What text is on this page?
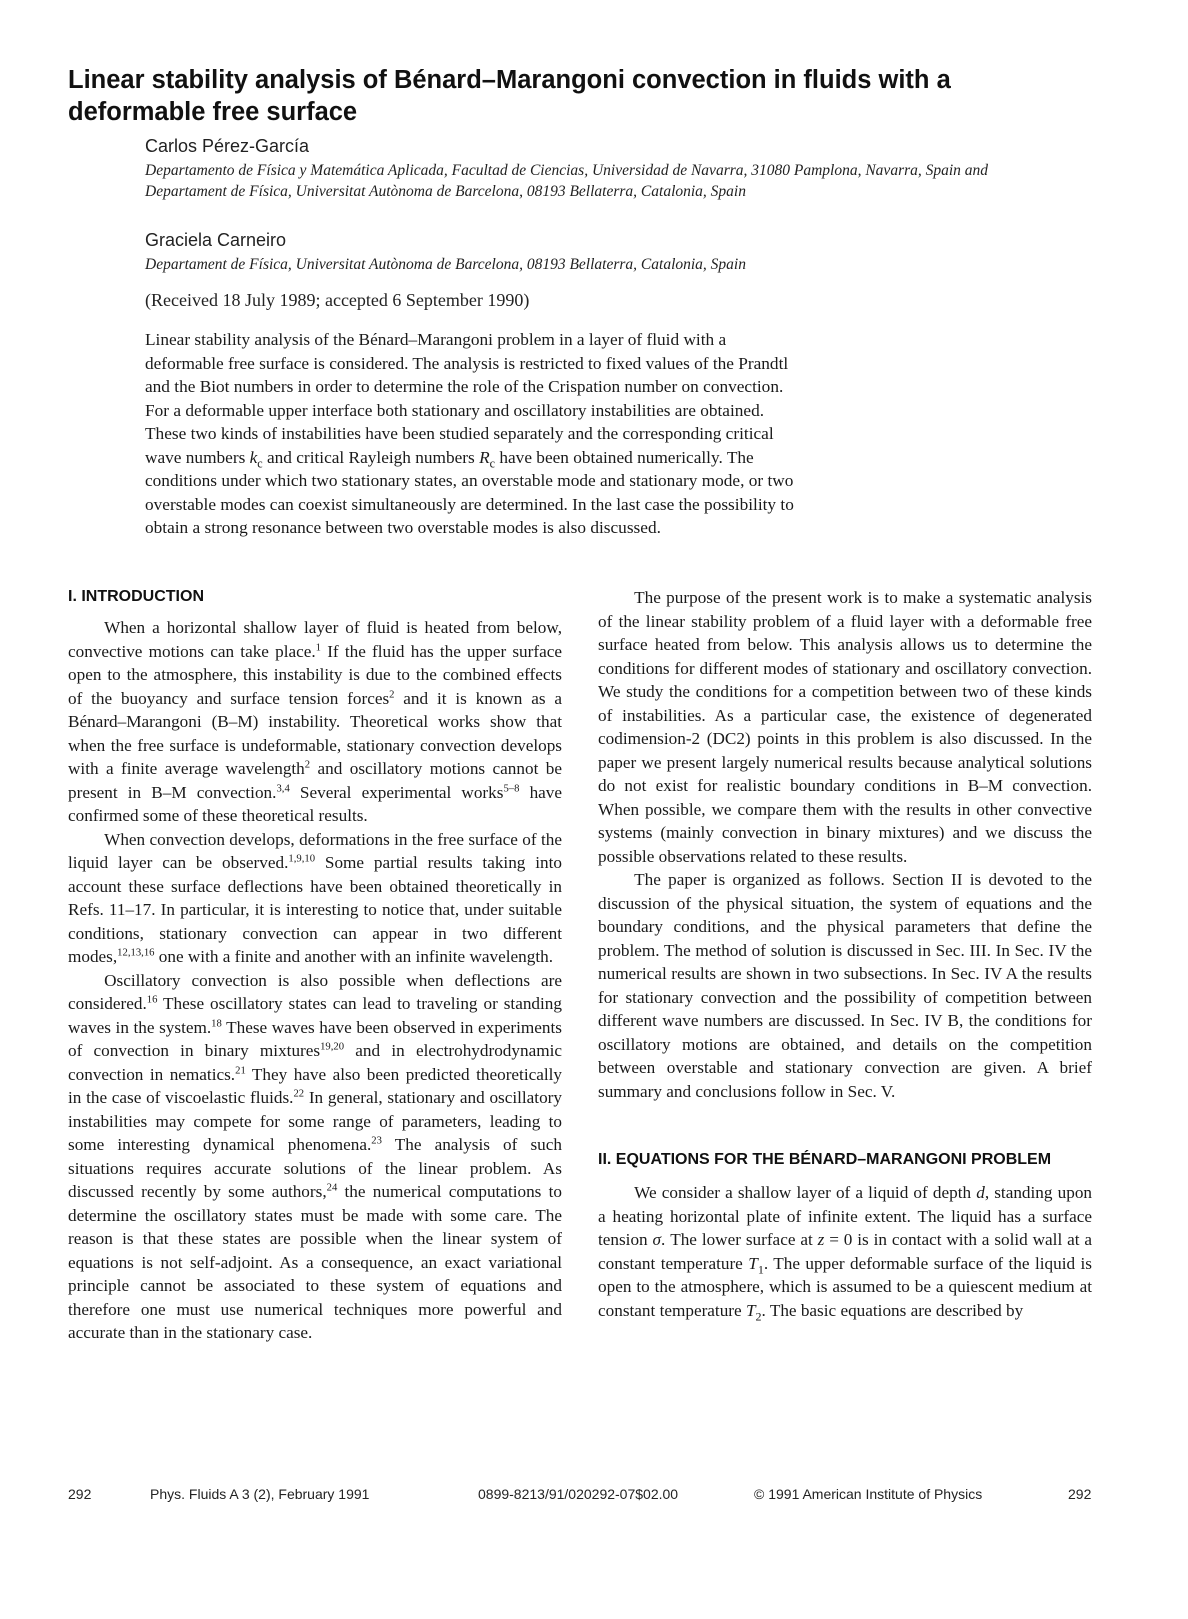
Linear stability analysis of Bénard–Marangoni convection in fluids with a deformable free surface
Carlos Pérez-García
Departamento de Física y Matemática Aplicada, Facultad de Ciencias, Universidad de Navarra, 31080 Pamplona, Navarra, Spain and Departament de Física, Universitat Autònoma de Barcelona, 08193 Bellaterra, Catalonia, Spain
Graciela Carneiro
Departament de Física, Universitat Autònoma de Barcelona, 08193 Bellaterra, Catalonia, Spain
(Received 18 July 1989; accepted 6 September 1990)
Linear stability analysis of the Bénard–Marangoni problem in a layer of fluid with a
deformable free surface is considered. The analysis is restricted to fixed values of the Prandtl
and the Biot numbers in order to determine the role of the Crispation number on convection.
For a deformable upper interface both stationary and oscillatory instabilities are obtained.
These two kinds of instabilities have been studied separately and the corresponding critical
wave numbers $k_c$ and critical Rayleigh numbers $R_c$ have been obtained numerically. The
conditions under which two stationary states, an overstable mode and stationary mode, or two
overstable modes can coexist simultaneously are determined. In the last case the possibility to
obtain a strong resonance between two overstable modes is also discussed.
I. INTRODUCTION

When a horizontal shallow layer of fluid is heated from below, convective motions can take place.$^1$ If the fluid has the upper surface open to the atmosphere, this instability is due to the combined effects of the buoyancy and surface tension forces$^2$ and it is known as a Bénard–Marangoni (B–M) instability. Theoretical works show that when the free surface is undeformable, stationary convection develops with a finite average wavelength$^2$ and oscillatory motions cannot be present in B–M convection.$^{3,4}$ Several experimental works$^{5-8}$ have confirmed some of these theoretical results.

When convection develops, deformations in the free surface of the liquid layer can be observed.$^{1,9,10}$ Some partial results taking into account these surface deflections have been obtained theoretically in Refs. 11–17. In particular, it is interesting to notice that, under suitable conditions, stationary convection can appear in two different modes,$^{12,13,16}$ one with a finite and another with an infinite wavelength.

Oscillatory convection is also possible when deflections are considered.$^{16}$ These oscillatory states can lead to traveling or standing waves in the system.$^{18}$ These waves have been observed in experiments of convection in binary mixtures$^{19,20}$ and in electrohydrodynamic convection in nematics.$^{21}$ They have also been predicted theoretically in the case of viscoelastic fluids.$^{22}$ In general, stationary and oscillatory instabilities may compete for some range of parameters, leading to some interesting dynamical phenomena.$^{23}$ The analysis of such situations requires accurate solutions of the linear problem. As discussed recently by some authors,$^{24}$ the numerical computations to determine the oscillatory states must be made with some care. The reason is that these states are possible when the linear system of equations is not self-adjoint. As a consequence, an exact variational principle cannot be associated to these system of equations and therefore one must use numerical techniques more powerful and accurate than in the stationary case.

The purpose of the present work is to make a systematic analysis of the linear stability problem of a fluid layer with a deformable free surface heated from below. This analysis allows us to determine the conditions for different modes of stationary and oscillatory convection. We study the conditions for a competition between two of these kinds of instabilities. As a particular case, the existence of degenerated codimension-2 (DC2) points in this problem is also discussed. In the paper we present largely numerical results because analytical solutions do not exist for realistic boundary conditions in B–M convection. When possible, we compare them with the results in other convective systems (mainly convection in binary mixtures) and we discuss the possible observations related to these results.

The paper is organized as follows. Section II is devoted to the discussion of the physical situation, the system of equations and the boundary conditions, and the physical parameters that define the problem. The method of solution is discussed in Sec. III. In Sec. IV the numerical results are shown in two subsections. In Sec. IV A the results for stationary convection and the possibility of competition between different wave numbers are discussed. In Sec. IV B, the conditions for oscillatory motions are obtained, and details on the competition between overstable and stationary convection are given. A brief summary and conclusions follow in Sec. V.

II. EQUATIONS FOR THE BÉNARD–MARANGONI PROBLEM

We consider a shallow layer of a liquid of depth d, standing upon a heating horizontal plate of infinite extent. The liquid has a surface tension σ. The lower surface at z = 0 is in contact with a solid wall at a constant temperature $T_1$. The upper deformable surface of the liquid is open to the atmosphere, which is assumed to be a quiescent medium at constant temperature $T_2$. The basic equations are described by

292	Phys. Fluids A 3 (2), February 1991	0899-8213/91/020292-07$02.00	© 1991 American Institute of Physics	292
